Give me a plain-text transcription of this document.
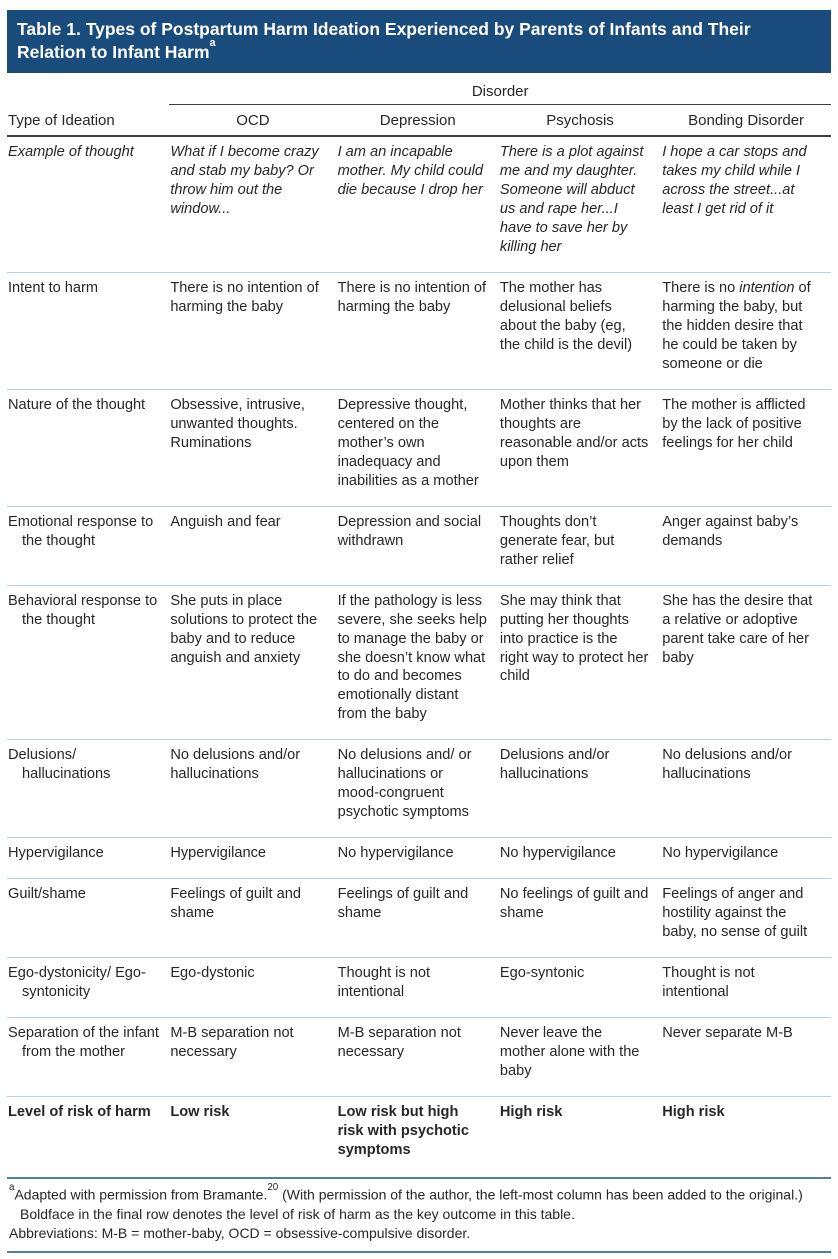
Table 1. Types of Postpartum Harm Ideation Experienced by Parents of Infants and Their Relation to Infant Harm$^a$
	Disorder			
Type of Ideation	OCD	Depression	Psychosis	Bonding Disorder
Example of thought	What if I become crazy and stab my baby? Or throw him out the window...	I am an incapable mother. My child could die because I drop her	There is a plot against me and my daughter. Someone will abduct us and rape her...I have to save her by killing her	I hope a car stops and takes my child while I across the street...at least I get rid of it
Intent to harm	There is no intention of harming the baby	There is no intention of harming the baby	The mother has delusional beliefs about the baby (eg, the child is the devil)	There is no intention of harming the baby, but the hidden desire that he could be taken by someone or die
Nature of the thought	Obsessive, intrusive, unwanted thoughts. Ruminations	Depressive thought, centered on the mother’s own inadequacy and inabilities as a mother	Mother thinks that her thoughts are reasonable and/or acts upon them	The mother is afflicted by the lack of positive feelings for her child
Emotional response to the thought	Anguish and fear	Depression and social withdrawn	Thoughts don’t generate fear, but rather relief	Anger against baby’s demands
Behavioral response to the thought	She puts in place solutions to protect the baby and to reduce anguish and anxiety	If the pathology is less severe, she seeks help to manage the baby or she doesn’t know what to do and becomes emotionally distant from the baby	She may think that putting her thoughts into practice is the right way to protect her child	She has the desire that a relative or adoptive parent take care of her baby
Delusions/ hallucinations	No delusions and/or hallucinations	No delusions and/ or hallucinations or mood-congruent psychotic symptoms	Delusions and/or hallucinations	No delusions and/or hallucinations
Hypervigilance	Hypervigilance	No hypervigilance	No hypervigilance	No hypervigilance
Guilt/shame	Feelings of guilt and shame	Feelings of guilt and shame	No feelings of guilt and shame	Feelings of anger and hostility against the baby, no sense of guilt
Ego-dystonicity/ Ego-syntonicity	Ego-dystonic	Thought is not intentional	Ego-syntonic	Thought is not intentional
Separation of the infant from the mother	M-B separation not necessary	M-B separation not necessary	Never leave the mother alone with the baby	Never separate M-B
Level of risk of harm	Low risk	Low risk but high risk with psychotic symptoms	High risk	High risk

$^a$Adapted with permission from Bramante.$^{20}$ (With permission of the author, the left-most column has been added to the original.) Boldface in the final row denotes the level of risk of harm as the key outcome in this table.

Abbreviations: M-B = mother-baby, OCD = obsessive-compulsive disorder.
